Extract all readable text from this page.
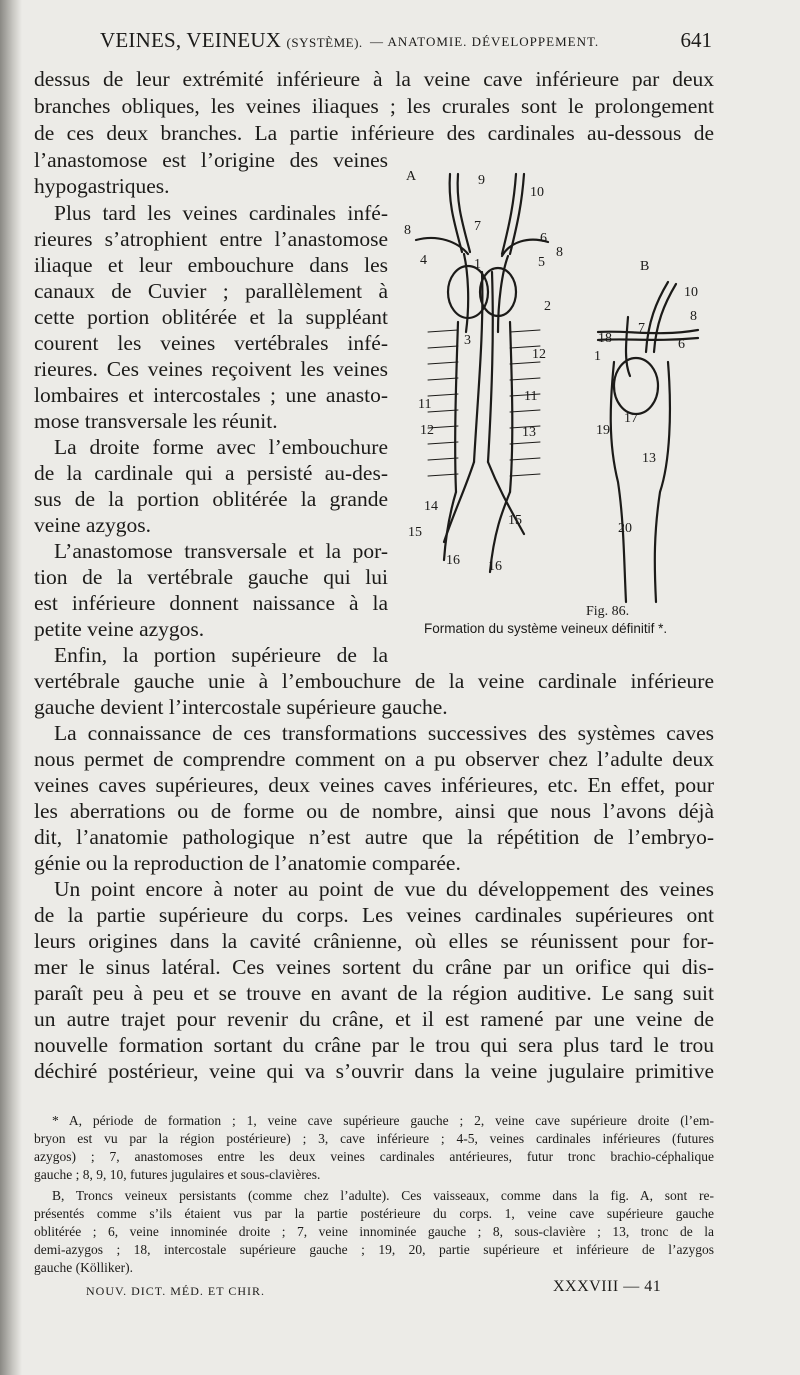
VEINES, VEINEUX (SYSTÈME). — ANATOMIE. DÉVELOPPEMENT.	641
dessus de leur extrémité inférieure à la veine cave inférieure par deux
branches obliques, les veines iliaques ; les crurales sont le prolongement
de ces deux branches. La partie inférieure des cardinales au-dessous de
l’anastomose est l’origine des veines
hypogastriques.
Plus tard les veines cardinales infé-
rieures s’atrophient entre l’anastomose
iliaque et leur embouchure dans les
canaux de Cuvier ; parallèlement à
cette portion oblitérée et la suppléant
courent les veines vertébrales infé-
rieures. Ces veines reçoivent les veines
lombaires et intercostales ; une anasto-
mose transversale les réunit.
La droite forme avec l’embouchure
de la cardinale qui a persisté au-des-
sus de la portion oblitérée la grande
veine azygos.
L’anastomose transversale et la por-
tion de la vertébrale gauche qui lui
est inférieure donnent naissance à la
petite veine azygos.
Enfin, la portion supérieure de la
vertébrale gauche unie à l’embouchure de la veine cardinale inférieure
gauche devient l’intercostale supérieure gauche.
La connaissance de ces transformations successives des systèmes caves
nous permet de comprendre comment on a pu observer chez l’adulte deux
veines caves supérieures, deux veines caves inférieures, etc. En effet, pour
les aberrations ou de forme ou de nombre, ainsi que nous l’avons déjà
dit, l’anatomie pathologique n’est autre que la répétition de l’embryo-
génie ou la reproduction de l’anatomie comparée.
Un point encore à noter au point de vue du développement des veines
de la partie supérieure du corps. Les veines cardinales supérieures ont
leurs origines dans la cavité crânienne, où elles se réunissent pour for-
mer le sinus latéral. Ces veines sortent du crâne par un orifice qui dis-
paraît peu à peu et se trouve en avant de la région auditive. Le sang suit
un autre trajet pour revenir du crâne, et il est ramené par une veine de
nouvelle formation sortant du crâne par le trou qui sera plus tard le trou
déchiré postérieur, veine qui va s’ouvrir dans la veine jugulaire primitive
A
B
9
10
7
8
6
5
8
4	1
2
3
12
11
11
12	13
14
15
15
16 16
10
8
18
7
6
1
17
19
13
20
Fig. 86.
Formation du système veineux définitif *.
* A, période de formation ; 1, veine cave supérieure gauche ; 2, veine cave supérieure droite (l’em-
bryon est vu par la région postérieure) ; 3, cave inférieure ; 4-5, veines cardinales inférieures (futures
azygos) ; 7, anastomoses entre les deux veines cardinales antérieures, futur tronc brachio-céphalique
gauche ; 8, 9, 10, futures jugulaires et sous-clavières.
B, Troncs veineux persistants (comme chez l’adulte). Ces vaisseaux, comme dans la fig. A, sont re-
présentés comme s’ils étaient vus par la partie postérieure du corps. 1, veine cave supérieure gauche
oblitérée ; 6, veine innominée droite ; 7, veine innominée gauche ; 8, sous-clavière ; 13, tronc de la
demi-azygos ; 18, intercostale supérieure gauche ; 19, 20, partie supérieure et inférieure de l’azygos
gauche (Kölliker).
NOUV. DICT. MÉD. ET CHIR.	XXXVIII — 41
